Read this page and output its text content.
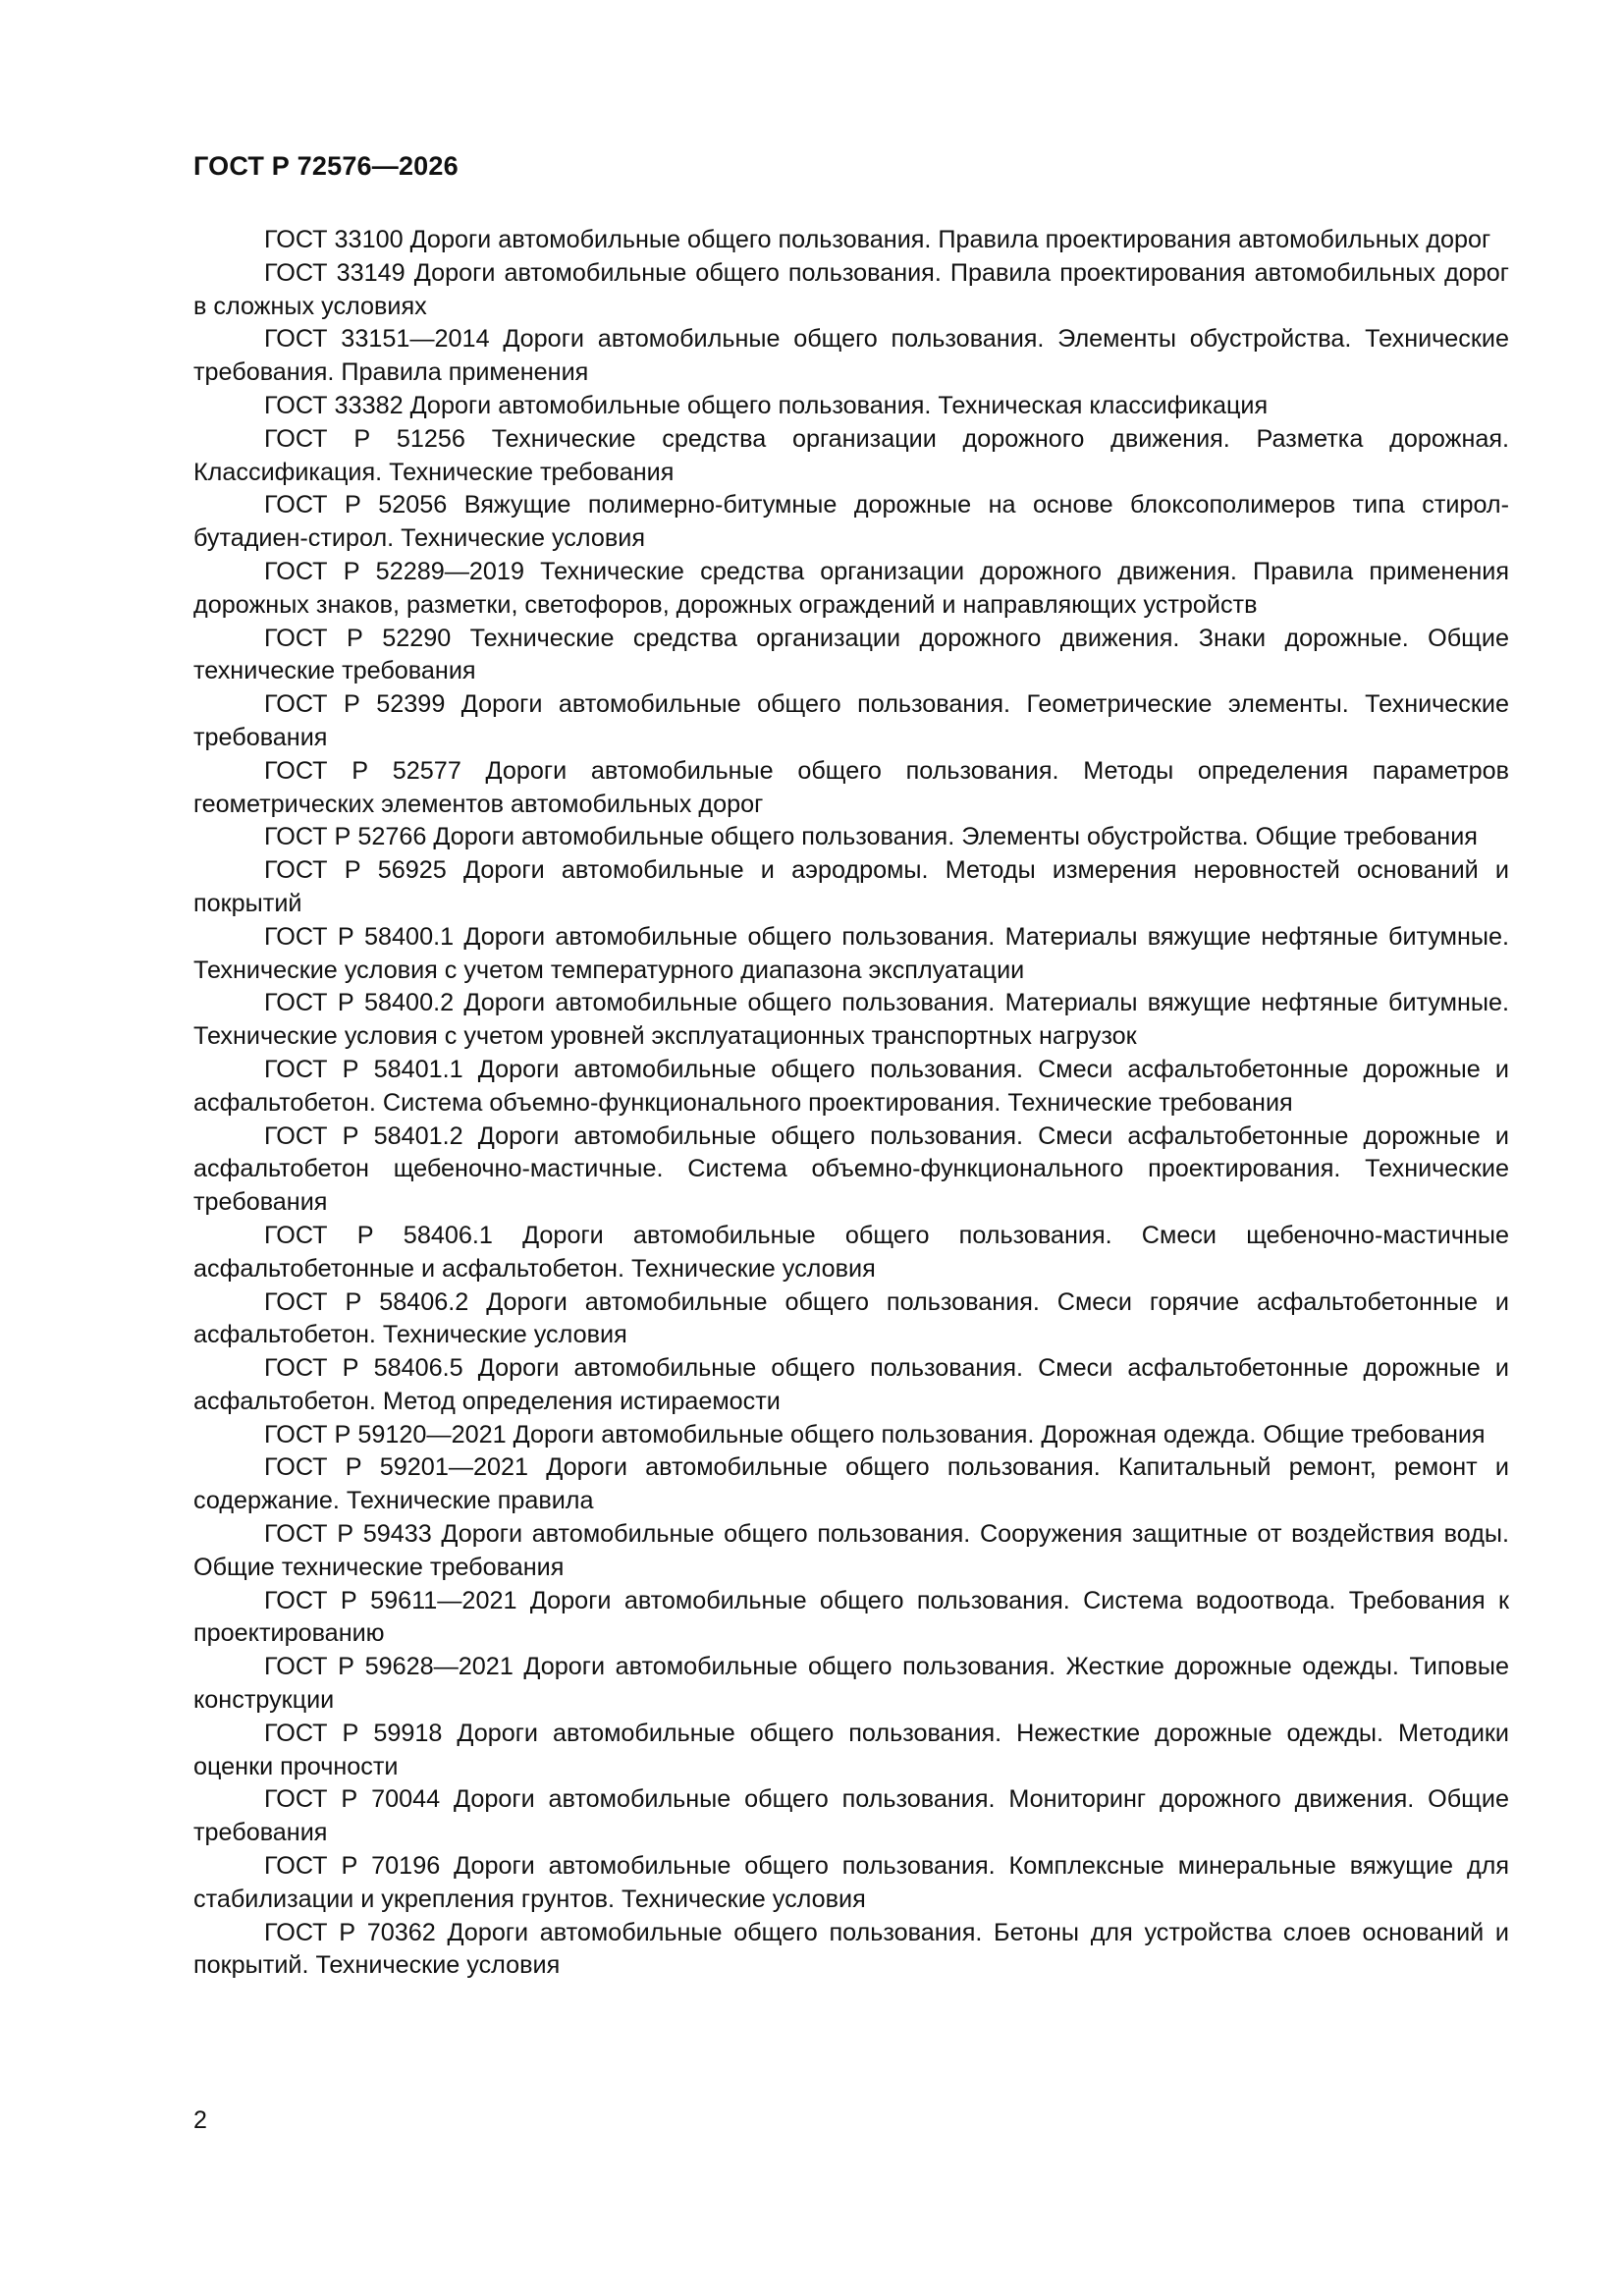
ГОСТ Р 72576—2026
ГОСТ 33100 Дороги автомобильные общего пользования. Правила проектирования автомобильных дорог
ГОСТ 33149 Дороги автомобильные общего пользования. Правила проектирования автомобильных дорог в сложных условиях
ГОСТ 33151—2014 Дороги автомобильные общего пользования. Элементы обустройства. Технические требования. Правила применения
ГОСТ 33382 Дороги автомобильные общего пользования. Техническая классификация
ГОСТ Р 51256 Технические средства организации дорожного движения. Разметка дорожная. Классификация. Технические требования
ГОСТ Р 52056 Вяжущие полимерно-битумные дорожные на основе блоксополимеров типа стирол-бутадиен-стирол. Технические условия
ГОСТ Р 52289—2019 Технические средства организации дорожного движения. Правила применения дорожных знаков, разметки, светофоров, дорожных ограждений и направляющих устройств
ГОСТ Р 52290 Технические средства организации дорожного движения. Знаки дорожные. Общие технические требования
ГОСТ Р 52399 Дороги автомобильные общего пользования. Геометрические элементы. Технические требования
ГОСТ Р 52577 Дороги автомобильные общего пользования. Методы определения параметров геометрических элементов автомобильных дорог
ГОСТ Р 52766 Дороги автомобильные общего пользования. Элементы обустройства. Общие требования
ГОСТ Р 56925 Дороги автомобильные и аэродромы. Методы измерения неровностей оснований и покрытий
ГОСТ Р 58400.1 Дороги автомобильные общего пользования. Материалы вяжущие нефтяные битумные. Технические условия с учетом температурного диапазона эксплуатации
ГОСТ Р 58400.2 Дороги автомобильные общего пользования. Материалы вяжущие нефтяные битумные. Технические условия с учетом уровней эксплуатационных транспортных нагрузок
ГОСТ Р 58401.1 Дороги автомобильные общего пользования. Смеси асфальтобетонные дорожные и асфальтобетон. Система объемно-функционального проектирования. Технические требования
ГОСТ Р 58401.2 Дороги автомобильные общего пользования. Смеси асфальтобетонные дорожные и асфальтобетон щебеночно-мастичные. Система объемно-функционального проектирования. Технические требования
ГОСТ Р 58406.1 Дороги автомобильные общего пользования. Смеси щебеночно-мастичные асфальтобетонные и асфальтобетон. Технические условия
ГОСТ Р 58406.2 Дороги автомобильные общего пользования. Смеси горячие асфальтобетонные и асфальтобетон. Технические условия
ГОСТ Р 58406.5 Дороги автомобильные общего пользования. Смеси асфальтобетонные дорожные и асфальтобетон. Метод определения истираемости
ГОСТ Р 59120—2021 Дороги автомобильные общего пользования. Дорожная одежда. Общие требования
ГОСТ Р 59201—2021 Дороги автомобильные общего пользования. Капитальный ремонт, ремонт и содержание. Технические правила
ГОСТ Р 59433 Дороги автомобильные общего пользования. Сооружения защитные от воздействия воды. Общие технические требования
ГОСТ Р 59611—2021 Дороги автомобильные общего пользования. Система водоотвода. Требования к проектированию
ГОСТ Р 59628—2021 Дороги автомобильные общего пользования. Жесткие дорожные одежды. Типовые конструкции
ГОСТ Р 59918 Дороги автомобильные общего пользования. Нежесткие дорожные одежды. Методики оценки прочности
ГОСТ Р 70044 Дороги автомобильные общего пользования. Мониторинг дорожного движения. Общие требования
ГОСТ Р 70196 Дороги автомобильные общего пользования. Комплексные минеральные вяжущие для стабилизации и укрепления грунтов. Технические условия
ГОСТ Р 70362 Дороги автомобильные общего пользования. Бетоны для устройства слоев оснований и покрытий. Технические условия
2
